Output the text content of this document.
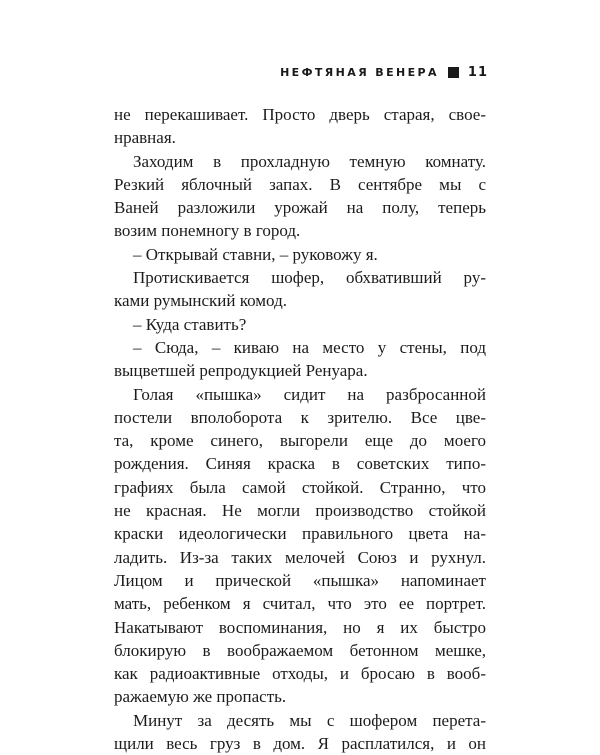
НЕФТЯНАЯ ВЕНЕРА 11
не перекашивает. Просто дверь старая, свое-
нравная.
Заходим в прохладную темную комнату.
Резкий яблочный запах. В сентябре мы с
Ваней разложили урожай на полу, теперь
возим понемногу в город.
– Открывай ставни, – руковожу я.
Протискивается шофер, обхвативший ру-
ками румынский комод.
– Куда ставить?
– Сюда, – киваю на место у стены, под
выцветшей репродукцией Ренуара.
Голая «пышка» сидит на разбросанной
постели вполоборота к зрителю. Все цве-
та, кроме синего, выгорели еще до моего
рождения. Синяя краска в советских типо-
графиях была самой стойкой. Странно, что
не красная. Не могли производство стойкой
краски идеологически правильного цвета на-
ладить. Из-за таких мелочей Союз и рухнул.
Лицом и прической «пышка» напоминает
мать, ребенком я считал, что это ее портрет.
Накатывают воспоминания, но я их быстро
блокирую в воображаемом бетонном мешке,
как радиоактивные отходы, и бросаю в вооб-
ражаемую же пропасть.
Минут за десять мы с шофером перета-
щили весь груз в дом. Я расплатился, и он
